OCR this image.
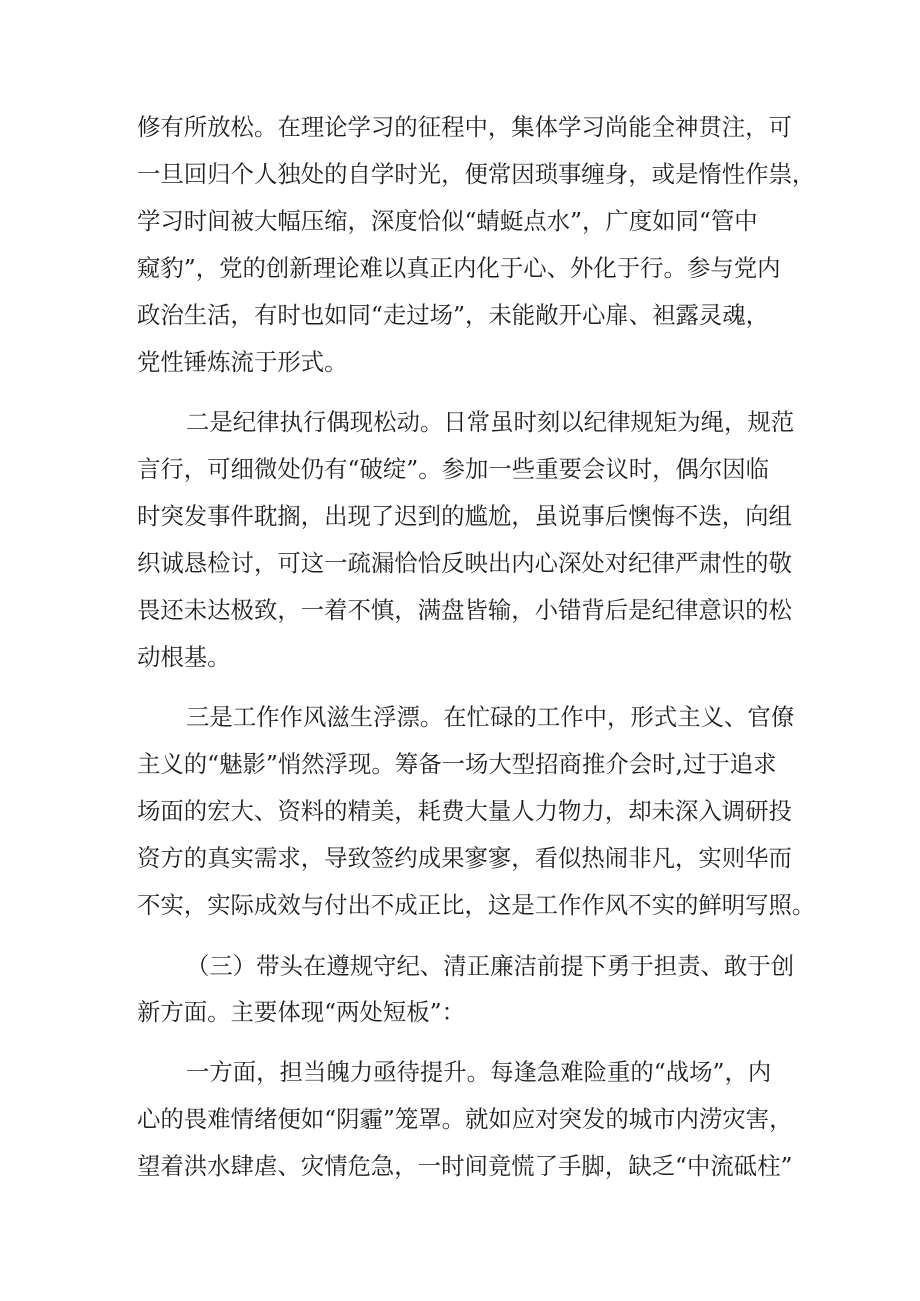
修有所放松。在理论学习的征程中，集体学习尚能全神贯注，可
一旦回归个人独处的自学时光，便常因琐事缠身，或是惰性作祟，
学习时间被大幅压缩，深度恰似“蜻蜓点水”，广度如同“管中
窥豹”，党的创新理论难以真正内化于心、外化于行。参与党内
政治生活，有时也如同“走过场”，未能敞开心扉、袒露灵魂，
党性锤炼流于形式。
二是纪律执行偶现松动。日常虽时刻以纪律规矩为绳，规范
言行，可细微处仍有“破绽”。参加一些重要会议时，偶尔因临
时突发事件耽搁，出现了迟到的尴尬，虽说事后懊悔不迭，向组
织诚恳检讨，可这一疏漏恰恰反映出内心深处对纪律严肃性的敬
畏还未达极致，一着不慎，满盘皆输，小错背后是纪律意识的松
动根基。
三是工作作风滋生浮漂。在忙碌的工作中，形式主义、官僚
主义的“魅影”悄然浮现。筹备一场大型招商推介会时,过于追求
场面的宏大、资料的精美，耗费大量人力物力，却未深入调研投
资方的真实需求，导致签约成果寥寥，看似热闹非凡，实则华而
不实，实际成效与付出不成正比，这是工作作风不实的鲜明写照。
（三）带头在遵规守纪、清正廉洁前提下勇于担责、敢于创
新方面。主要体现“两处短板”：
一方面，担当魄力亟待提升。每逢急难险重的“战场”，内
心的畏难情绪便如“阴霾”笼罩。就如应对突发的城市内涝灾害，
望着洪水肆虐、灾情危急，一时间竟慌了手脚，缺乏“中流砥柱”
